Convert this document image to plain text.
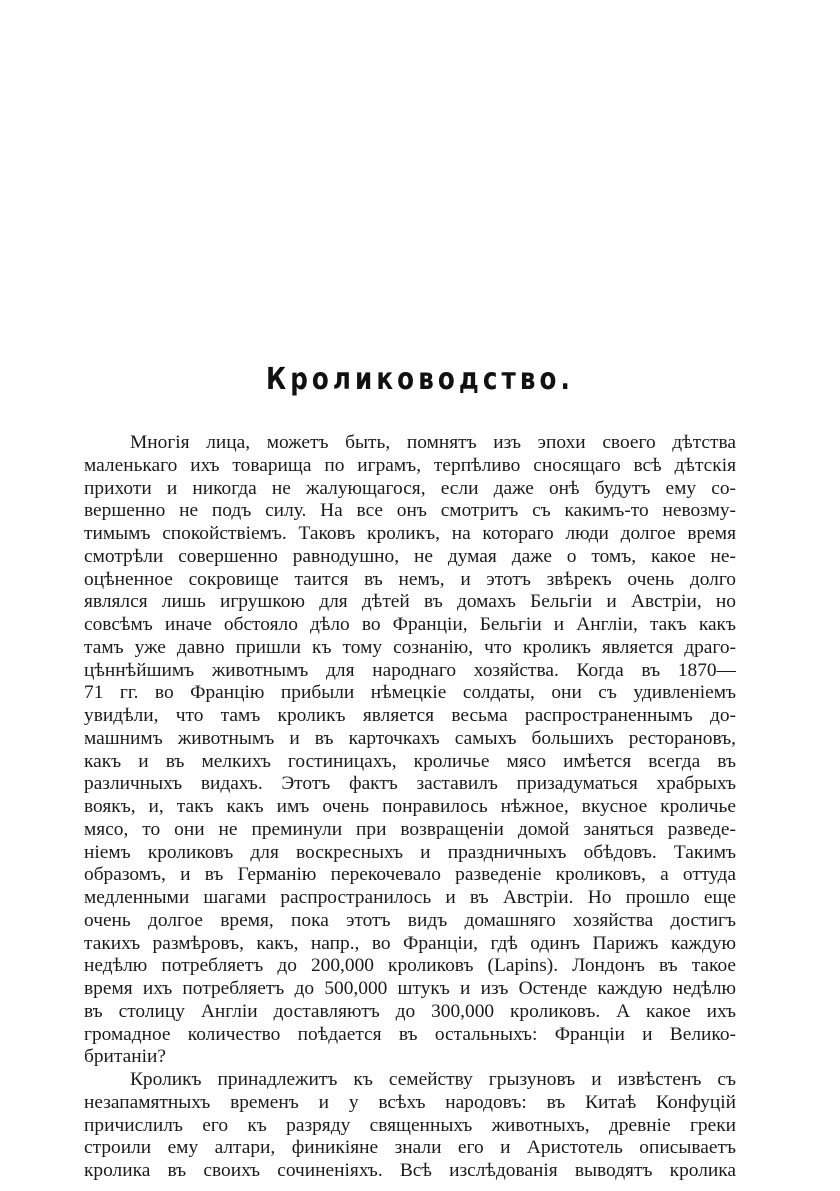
Кролиководство.
Многія лица, можетъ быть, помнятъ изъ эпохи своего дѣтства
маленькаго ихъ товарища по играмъ, терпѣливо сносящаго всѣ дѣтскія
прихоти и никогда не жалующагося, если даже онѣ будутъ ему со-
вершенно не подъ силу. На все онъ смотритъ съ какимъ-то невозму-
тимымъ спокойствіемъ. Таковъ кроликъ, на котораго люди долгое время
смотрѣли совершенно равнодушно, не думая даже о томъ, какое не-
оцѣненное сокровище таится въ немъ, и этотъ звѣрекъ очень долго
являлся лишь игрушкою для дѣтей въ домахъ Бельгіи и Австріи, но
совсѣмъ иначе обстояло дѣло во Франціи, Бельгіи и Англіи, такъ какъ
тамъ уже давно пришли къ тому сознанію, что кроликъ является драго-
цѣннѣйшимъ животнымъ для народнаго хозяйства. Когда въ 1870—
71 гг. во Францію прибыли нѣмецкіе солдаты, они съ удивленіемъ
увидѣли, что тамъ кроликъ является весьма распространеннымъ до-
машнимъ животнымъ и въ карточкахъ самыхъ большихъ ресторановъ,
какъ и въ мелкихъ гостиницахъ, кроличье мясо имѣется всегда въ
различныхъ видахъ. Этотъ фактъ заставилъ призадуматься храбрыхъ
воякъ, и, такъ какъ имъ очень понравилось нѣжное, вкусное кроличье
мясо, то они не преминули при возвращеніи домой заняться разведе-
ніемъ кроликовъ для воскресныхъ и праздничныхъ обѣдовъ. Такимъ
образомъ, и въ Германію перекочевало разведеніе кроликовъ, а оттуда
медленными шагами распространилось и въ Австріи. Но прошло еще
очень долгое время, пока этотъ видъ домашняго хозяйства достигъ
такихъ размѣровъ, какъ, напр., во Франціи, гдѣ одинъ Парижъ каждую
недѣлю потребляетъ до 200,000 кроликовъ (Lapins). Лондонъ въ такое
время ихъ потребляетъ до 500,000 штукъ и изъ Остенде каждую недѣлю
въ столицу Англіи доставляютъ до 300,000 кроликовъ. А какое ихъ
громадное количество поѣдается въ остальныхъ: Франціи и Велико-
британіи?
Кроликъ принадлежитъ къ семейству грызуновъ и извѣстенъ съ
незапамятныхъ временъ и у всѣхъ народовъ: въ Китаѣ Конфуцій
причислилъ его къ разряду священныхъ животныхъ, древніе греки
строили ему алтари, финикіяне знали его и Аристотель описываетъ
кролика въ своихъ сочиненіяхъ. Всѣ изслѣдованія выводятъ кролика
